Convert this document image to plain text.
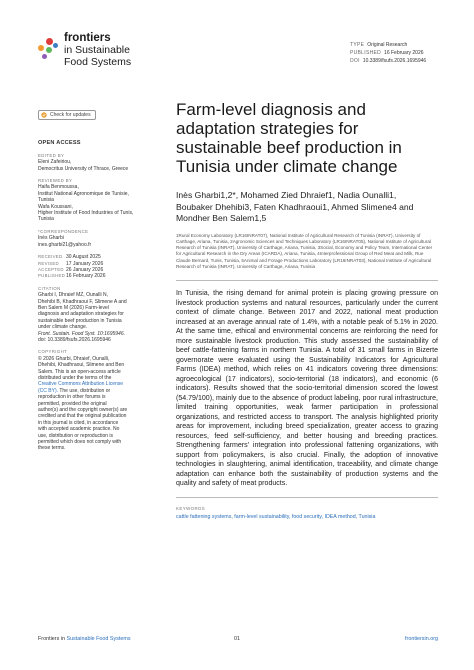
frontiers
in Sustainable
Food Systems
TYPE Original Research
PUBLISHED 16 February 2026
DOI 10.3389/fsufs.2026.1695946
Check for updates
OPEN ACCESS
EDITED BY
Eleni Zafeiriou,
Democritus University of Thrace, Greece
REVIEWED BY
Haifa Benmoussa,
Institut National Agronomique de Tunisie,
Tunisia
Wafa Koussani,
Higher Institute of Food Industries of Tunis,
Tunisia
*CORRESPONDENCE
Inès Gharbi
ines.gharbi21@yahoo.fr
RECEIVED 30 August 2025
REVISED 17 January 2026
ACCEPTED 26 January 2026
PUBLISHED16 February 2026
CITATION
Gharbi I, Dhraief MZ, Ounalli N,
Dhehibi B, Khadhraoui F, Slimene A and
Ben Salem M (2026) Farm-level
diagnosis and adaptation strategies for
sustainable beef production in Tunisia
under climate change.
Front. Sustain. Food Syst. 10:1695946.
doi: 10.3389/fsufs.2026.1695946
COPYRIGHT
© 2026 Gharbi, Dhraief, Ounalli,
Dhehibi, Khadhraoui, Slimene and Ben
Salem. This is an open-access article
distributed under the terms of the
Creative Commons Attribution License
(CC BY). The use, distribution or
reproduction in other forums is
permitted, provided the original
author(s) and the copyright owner(s) are
credited and that the original publication
in this journal is cited, in accordance
with accepted academic practice. No
use, distribution or reproduction is
permitted which does not comply with
these terms.
Farm-level diagnosis and
adaptation strategies for
sustainable beef production in
Tunisia under climate change
Inès Gharbi1,2*, Mohamed Zied Dhraief1, Nadia Ounalli1,
Boubaker Dhehibi3, Faten Khadhraoui1, Ahmed Slimene4 and
Mondher Ben Salem1,5
1Rural Economy Laboratory (LR16INRAT07), National Institute of Agricultural Research of Tunisia (INRAT), University of Carthage, Ariana, Tunisia, 2Agronomic Sciences and Techniques Laboratory (LR16INRAT05), National Institute of Agricultural Research of Tunisia (INRAT), University of Carthage, Ariana, Tunisia, 3Social, Economy and Policy Team, International Center for Agricultural Research in the Dry Areas (ICARDA), Ariana, Tunisia, 4Interprofessional Group of Red Meat and Milk, Rue Claude Bernard, Tunis, Tunisia, 5Animal and Forage Productions Laboratory (LR16INRAT03), National Institute of Agricultural Research of Tunisia (INRAT), University of Carthage, Ariana, Tunisia
In Tunisia, the rising demand for animal protein is placing growing pressure on livestock production systems and natural resources, particularly under the current context of climate change. Between 2017 and 2022, national meat production increased at an average annual rate of 1.4%, with a notable peak of 5.1% in 2020. At the same time, ethical and environmental concerns are reinforcing the need for more sustainable livestock production. This study assessed the sustainability of beef cattle-fattening farms in northern Tunisia. A total of 31 small farms in Bizerte governorate were evaluated using the Sustainability Indicators for Agricultural Farms (IDEA) method, which relies on 41 indicators covering three dimensions: agroecological (17 indicators), socio-territorial (18 indicators), and economic (6 indicators). Results showed that the socio-territorial dimension scored the lowest (54.79/100), mainly due to the absence of product labeling, poor rural infrastructure, limited training opportunities, weak farmer participation in professional organizations, and restricted access to transport. The analysis highlighted priority areas for improvement, including breed specialization, greater access to grazing resources, feed self-sufficiency, and better housing and breeding practices. Strengthening farmers' integration into professional fattening organizations, with support from policymakers, is also crucial. Finally, the adoption of innovative technologies in slaughtering, animal identification, traceability, and climate change adaptation can enhance both the sustainability of production systems and the quality and safety of meat products.
KEYWORDS
cattle fattening systems, farm-level sustainability, food security, IDEA method, Tunisia
Frontiers in Sustainable Food Systems	01	frontiersin.org
